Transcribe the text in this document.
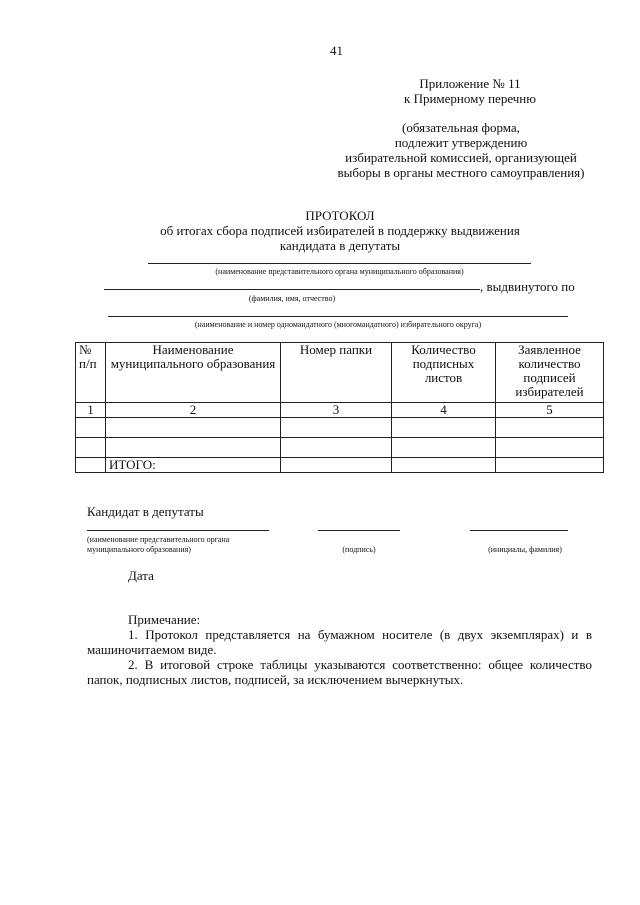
41
Приложение № 11
к Примерному перечню
(обязательная форма,
подлежит утверждению
избирательной комиссией, организующей
выборы в органы местного самоуправления)
ПРОТОКОЛ
об итогах сбора подписей избирателей в поддержку выдвижения
кандидата в депутаты
(наименование представительного органа муниципального образования)
, выдвинутого по
(фамилия, имя, отчество)
(наименование и номер одномандатного (многомандатного) избирательного округа)
№ п/п	Наименование муниципального образования	Номер папки	Количество подписных листов	Заявленное количество подписей избирателей
1	2	3	4	5

	ИТОГО:			
Кандидат в депутаты
(наименование представительного органа
муниципального образования)	(подпись)	(инициалы, фамилия)
Дата
Примечание:
1. Протокол представляется на бумажном носителе (в двух экземплярах) и в
машиночитаемом виде.
2. В итоговой строке таблицы указываются соответственно: общее количество
папок, подписных листов, подписей, за исключением вычеркнутых.
